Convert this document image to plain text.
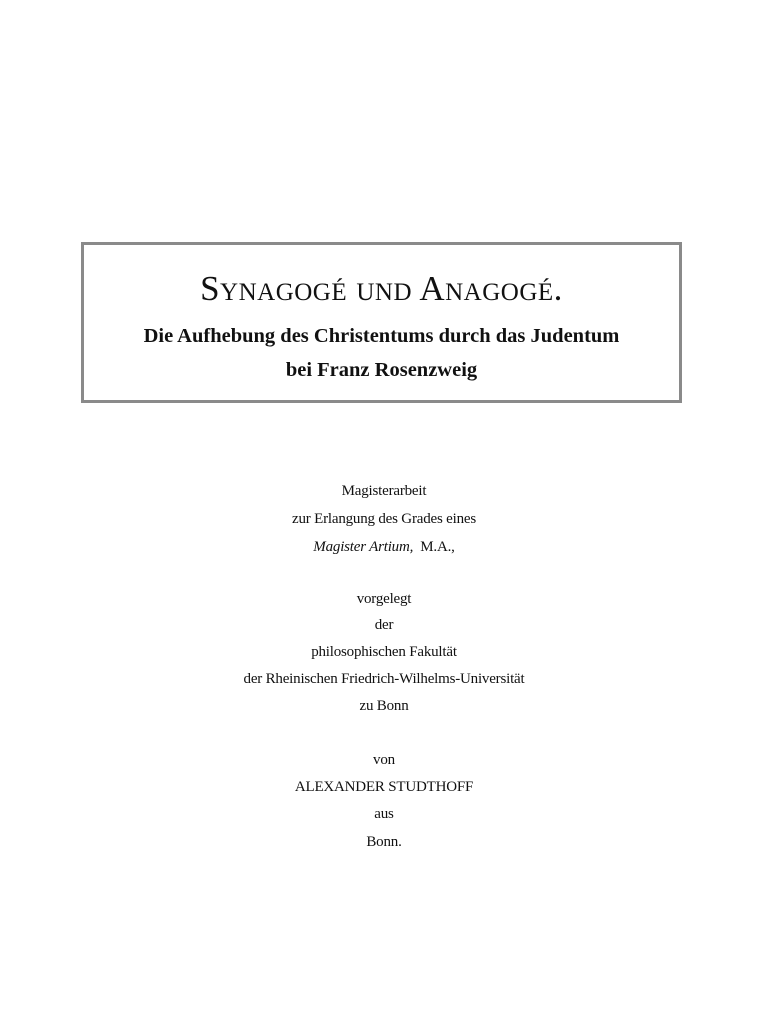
Synagogé und Anagogé.
Die Aufhebung des Christentums durch das Judentum
bei Franz Rosenzweig
Magisterarbeit
zur Erlangung des Grades eines
Magister Artium, M.A.,
vorgelegt
der
philosophischen Fakultät
der Rheinischen Friedrich-Wilhelms-Universität
zu Bonn
von
ALEXANDER STUDTHOFF
aus
Bonn.
